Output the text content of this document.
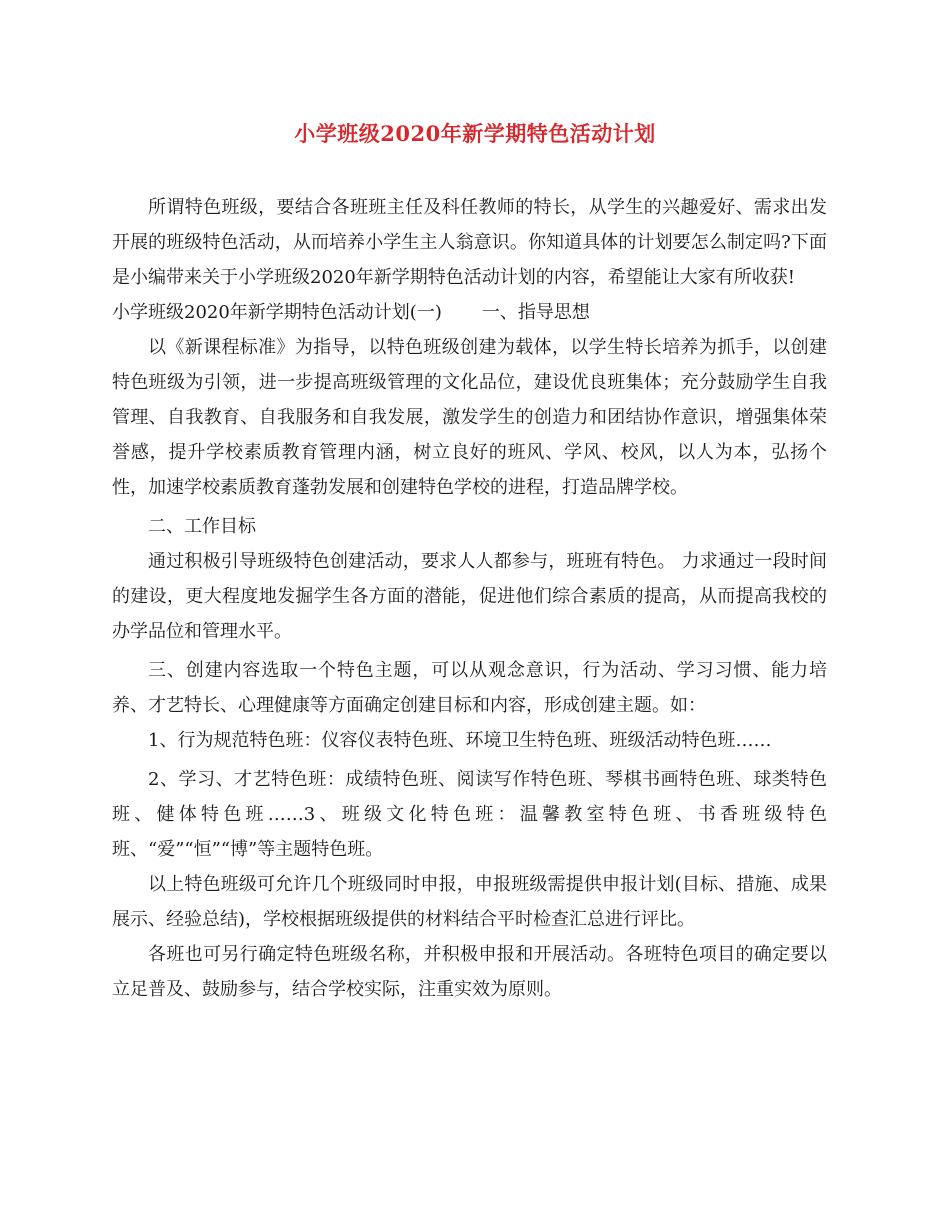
小学班级2020年新学期特色活动计划

所谓特色班级，要结合各班班主任及科任教师的特长，从学生的兴趣爱好、需求出发开展的班级特色活动，从而培养小学生主人翁意识。你知道具体的计划要怎么制定吗?下面是小编带来关于小学班级2020年新学期特色活动计划的内容，希望能让大家有所收获!

小学班级2020年新学期特色活动计划(一) 一、指导思想

以《新课程标准》为指导，以特色班级创建为载体，以学生特长培养为抓手，以创建特色班级为引领，进一步提高班级管理的文化品位，建设优良班集体；充分鼓励学生自我管理、自我教育、自我服务和自我发展，激发学生的创造力和团结协作意识，增强集体荣誉感，提升学校素质教育管理内涵，树立良好的班风、学风、校风，以人为本，弘扬个性，加速学校素质教育蓬勃发展和创建特色学校的进程，打造品牌学校。

二、工作目标

通过积极引导班级特色创建活动，要求人人都参与，班班有特色。 力求通过一段时间的建设，更大程度地发掘学生各方面的潜能，促进他们综合素质的提高，从而提高我校的办学品位和管理水平。

三、创建内容选取一个特色主题，可以从观念意识，行为活动、学习习惯、能力培养、才艺特长、心理健康等方面确定创建目标和内容，形成创建主题。如：

1、行为规范特色班：仪容仪表特色班、环境卫生特色班、班级活动特色班……

2、学习、才艺特色班：成绩特色班、阅读写作特色班、琴棋书画特色班、球类特色班、健体特色班……3、班级文化特色班：温馨教室特色班、书香班级特色班、“爱”“恒”“博”等主题特色班。

以上特色班级可允许几个班级同时申报，申报班级需提供申报计划(目标、措施、成果展示、经验总结)，学校根据班级提供的材料结合平时检查汇总进行评比。

各班也可另行确定特色班级名称，并积极申报和开展活动。各班特色项目的确定要以立足普及、鼓励参与，结合学校实际，注重实效为原则。
